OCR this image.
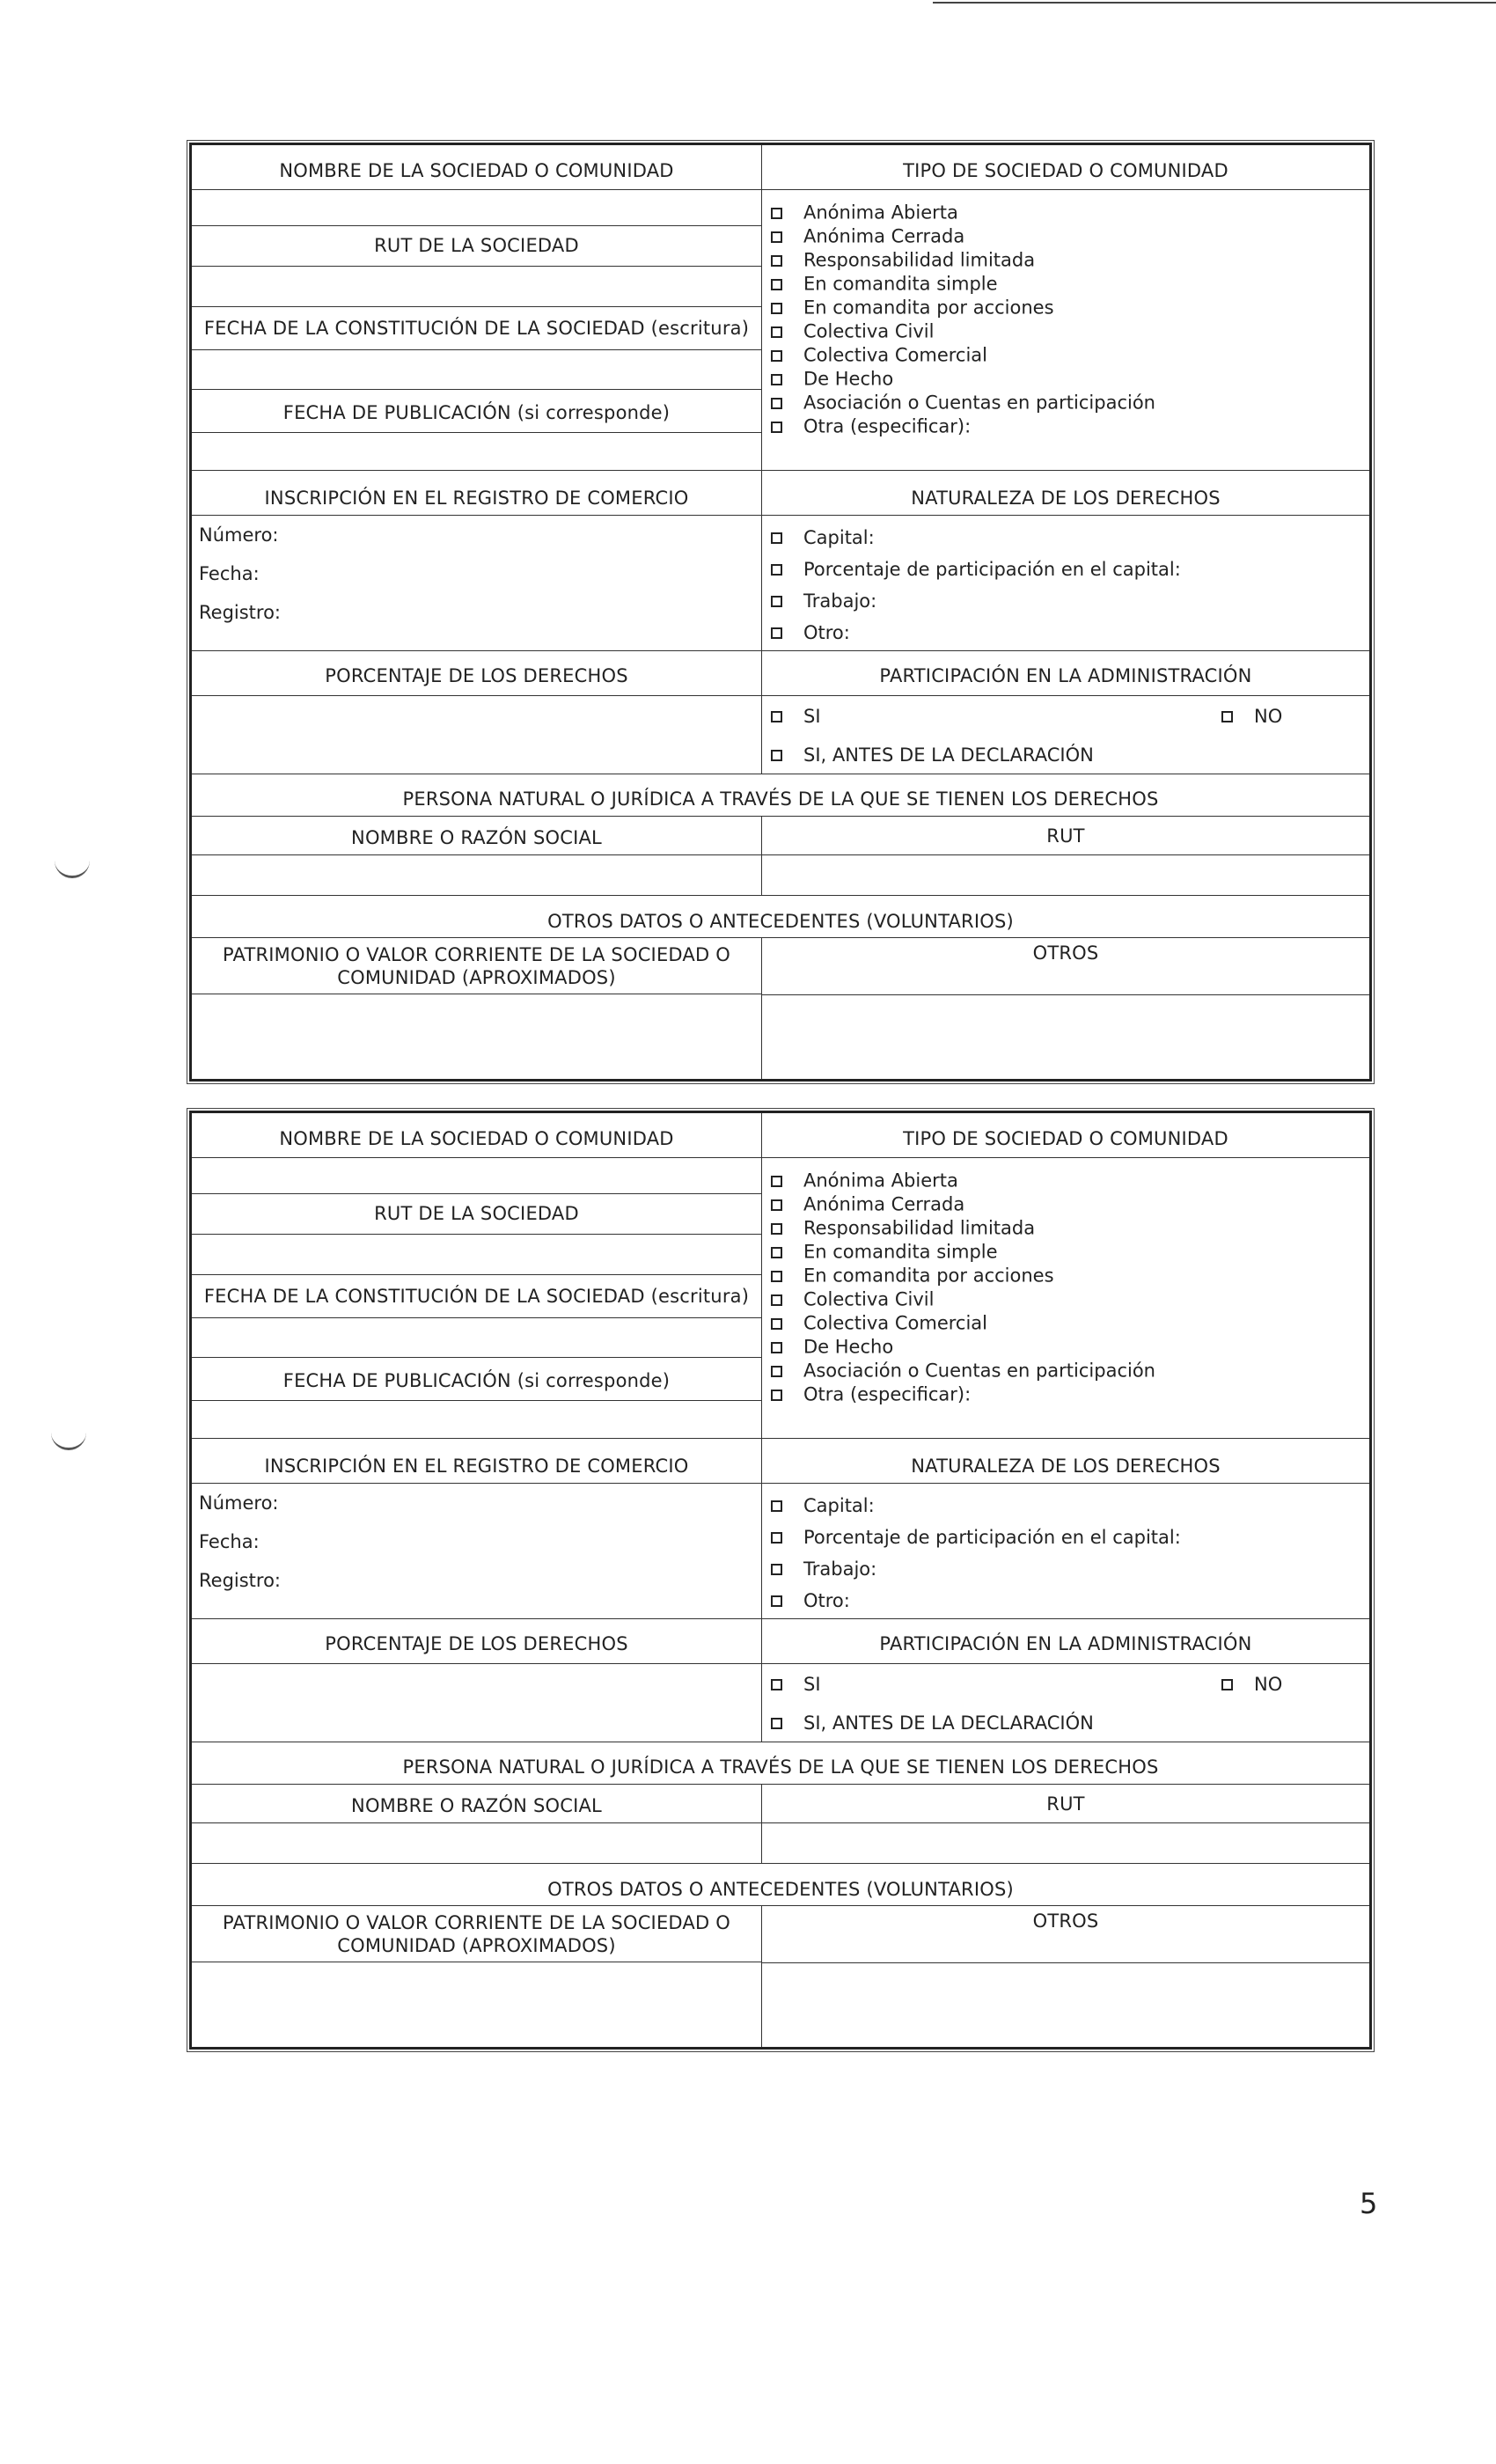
NOMBRE DE LA SOCIEDAD O COMUNIDAD
RUT DE LA SOCIEDAD
FECHA DE LA CONSTITUCIÓN DE LA SOCIEDAD (escritura)
FECHA DE PUBLICACIÓN (si corresponde)
TIPO DE SOCIEDAD O COMUNIDAD
Anónima Abierta
Anónima Cerrada
Responsabilidad limitada
En comandita simple
En comandita por acciones
Colectiva Civil
Colectiva Comercial
De Hecho
Asociación o Cuentas en participación
Otra (especificar):
INSCRIPCIÓN EN EL REGISTRO DE COMERCIO
Número:
Fecha:
Registro:
NATURALEZA DE LOS DERECHOS
Capital:
Porcentaje de participación en el capital:
Trabajo:
Otro:
PORCENTAJE DE LOS DERECHOS	PARTICIPACIÓN EN LA ADMINISTRACIÓN
SI	NO
SI, ANTES DE LA DECLARACIÓN
PERSONA NATURAL O JURÍDICA A TRAVÉS DE LA QUE SE TIENEN LOS DERECHOS
NOMBRE O RAZÓN SOCIAL	RUT
OTROS DATOS O ANTECEDENTES (VOLUNTARIOS)
PATRIMONIO O VALOR CORRIENTE DE LA SOCIEDAD O
COMUNIDAD (APROXIMADOS)
OTROS
NOMBRE DE LA SOCIEDAD O COMUNIDAD
RUT DE LA SOCIEDAD
FECHA DE LA CONSTITUCIÓN DE LA SOCIEDAD (escritura)
FECHA DE PUBLICACIÓN (si corresponde)
TIPO DE SOCIEDAD O COMUNIDAD
Anónima Abierta
Anónima Cerrada
Responsabilidad limitada
En comandita simple
En comandita por acciones
Colectiva Civil
Colectiva Comercial
De Hecho
Asociación o Cuentas en participación
Otra (especificar):
INSCRIPCIÓN EN EL REGISTRO DE COMERCIO
Número:
Fecha:
Registro:
NATURALEZA DE LOS DERECHOS
Capital:
Porcentaje de participación en el capital:
Trabajo:
Otro:
PORCENTAJE DE LOS DERECHOS	PARTICIPACIÓN EN LA ADMINISTRACIÓN
SI	NO
SI, ANTES DE LA DECLARACIÓN
PERSONA NATURAL O JURÍDICA A TRAVÉS DE LA QUE SE TIENEN LOS DERECHOS
NOMBRE O RAZÓN SOCIAL	RUT
OTROS DATOS O ANTECEDENTES (VOLUNTARIOS)
PATRIMONIO O VALOR CORRIENTE DE LA SOCIEDAD O
COMUNIDAD (APROXIMADOS)
OTROS
5
